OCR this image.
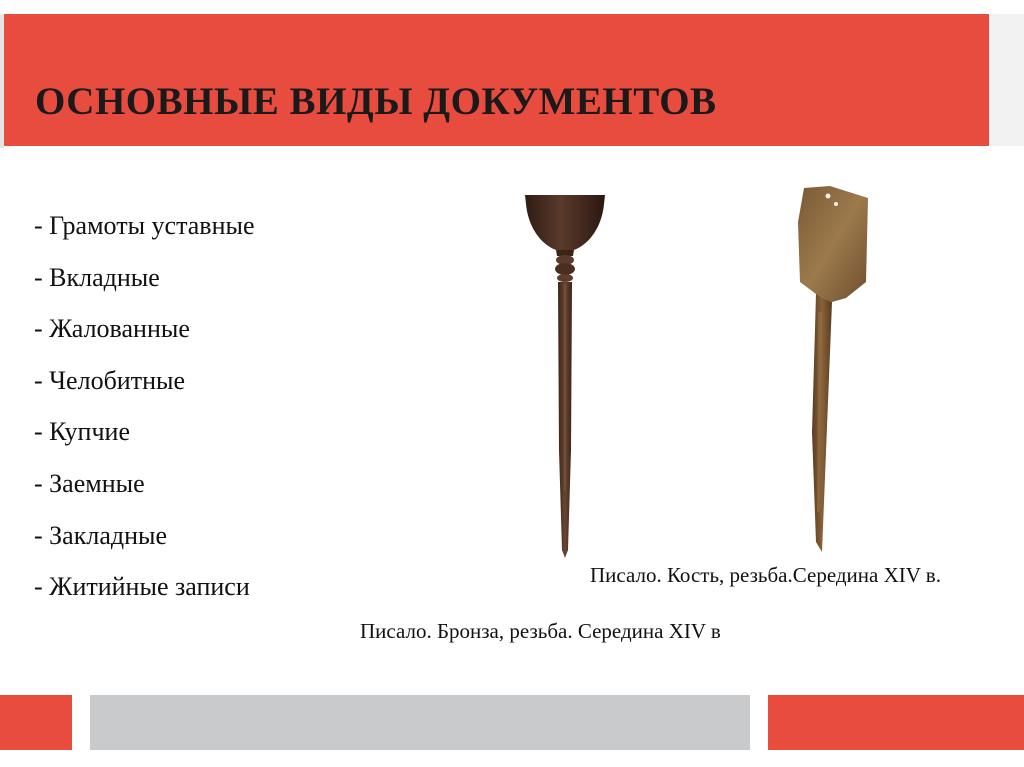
ОСНОВНЫЕ ВИДЫ ДОКУМЕНТОВ
- Грамоты уставные
- Вкладные
- Жалованные
- Челобитные
- Купчие
- Заемные
- Закладные
- Житийные записи	Писало. Кость, резьба.Середина XIV в.
Писало. Бронза, резьба. Середина XIV в
